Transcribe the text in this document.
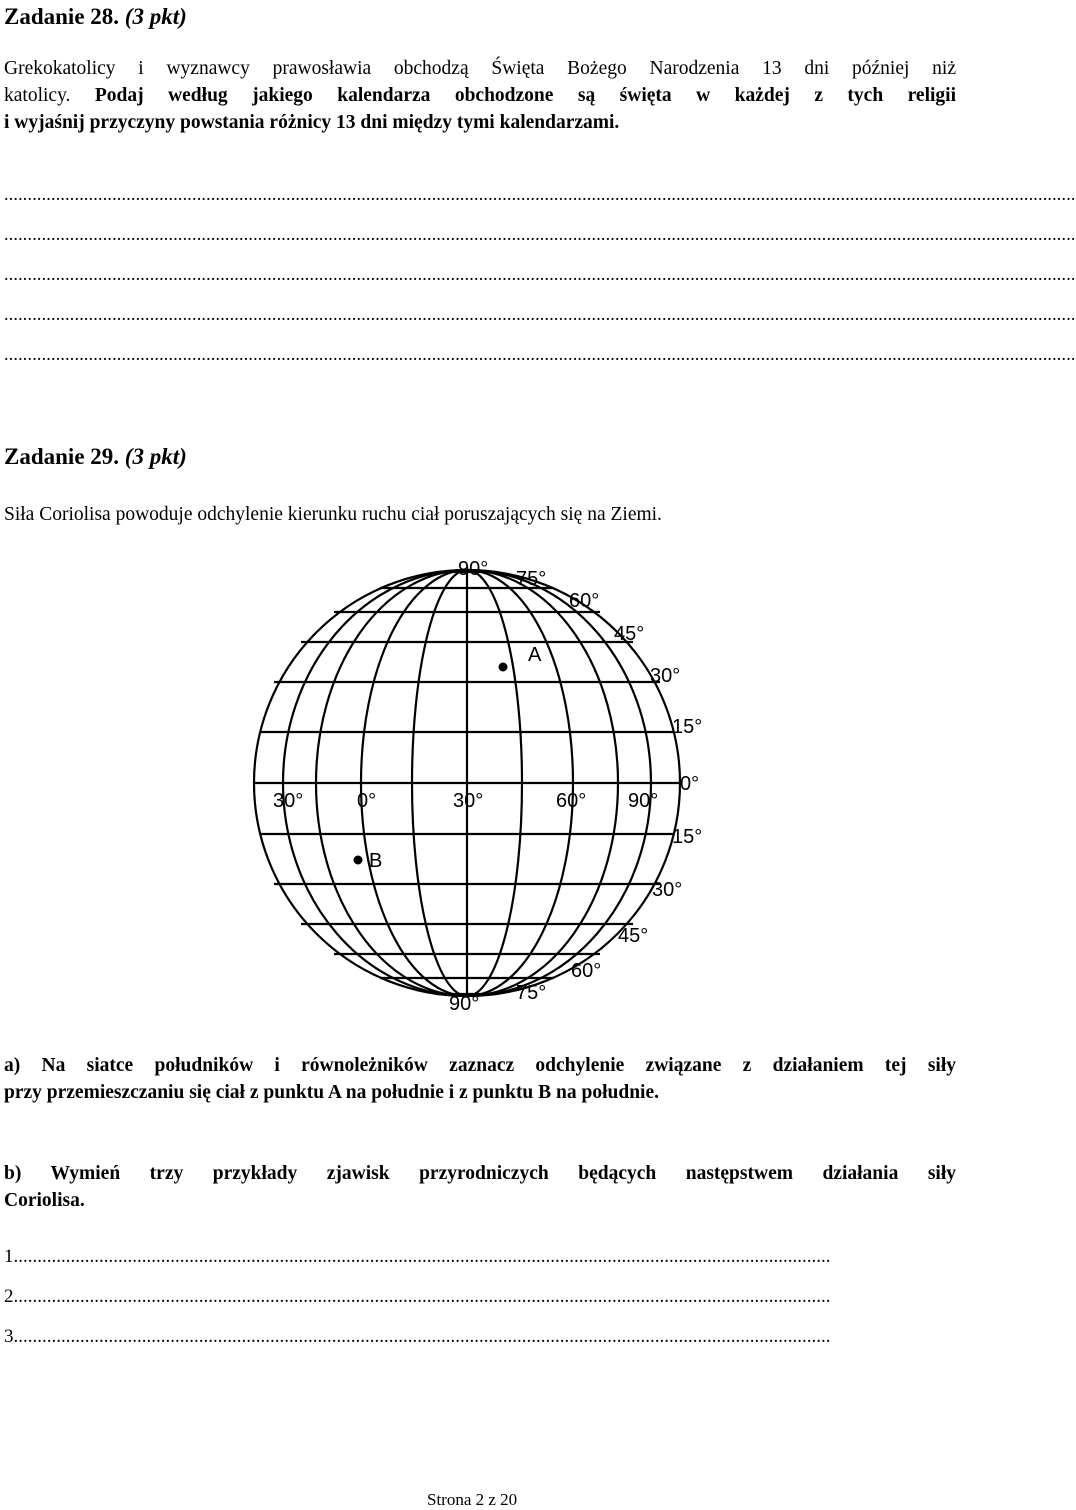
Zadanie 28. (3 pkt)
Grekokatolicy i wyznawcy prawosławia obchodzą Święta Bożego Narodzenia 13 dni później niż
katolicy. Podaj według jakiego kalendarza obchodzone są święta w każdej z tych religii
i wyjaśnij przyczyny powstania różnicy 13 dni między tymi kalendarzami.
....................................................................................................................................................................................................................................
....................................................................................................................................................................................................................................
....................................................................................................................................................................................................................................
....................................................................................................................................................................................................................................
....................................................................................................................................................................................................................................
Zadanie 29. (3 pkt)
Siła Coriolisa powoduje odchylenie kierunku ruchu ciał poruszających się na Ziemi.
90° 75°
60°
45°
30°
15°
0°
15°
30°
45°
60°
75°
90°
30°	0°	30°	60° 90°
A
B
a) Na siatce południków i równoleżników zaznacz odchylenie związane z działaniem tej siły
przy przemieszczaniu się ciał z punktu A na południe i z punktu B na południe.
b) Wymień trzy przykłady zjawisk przyrodniczych będących następstwem działania siły
Coriolisa.
1............................................................................................................................................................................
2............................................................................................................................................................................
3............................................................................................................................................................................
Strona 2 z 20
